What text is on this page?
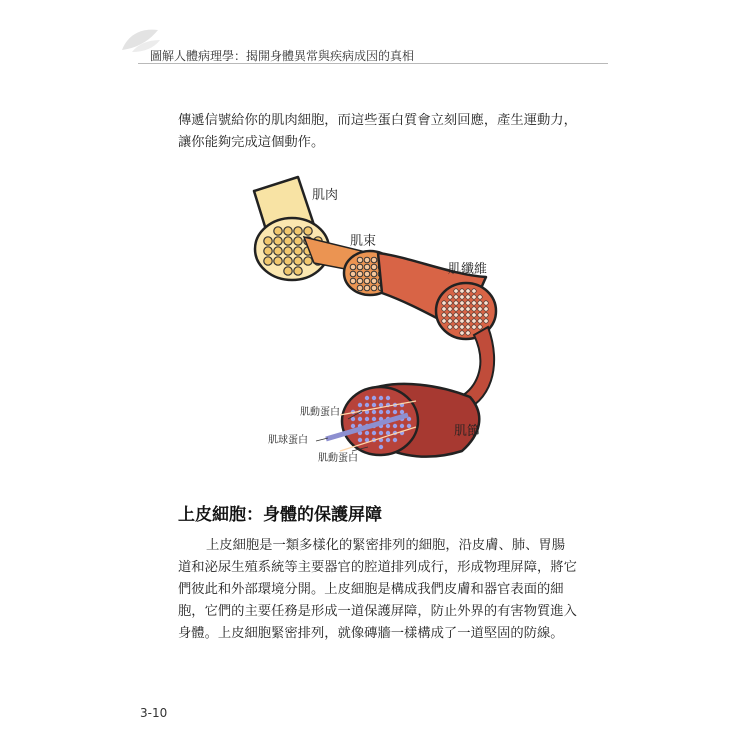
圖解人體病理學：揭開身體異常與疾病成因的真相

傳遞信號給你的肌肉細胞，而這些蛋白質會立刻回應，產生運動力，讓你能夠完成這個動作。

肌肉
肌束
肌纖維
肌節
肌動蛋白
肌球蛋白
肌動蛋白
上皮細胞：身體的保護屏障

上皮細胞是一類多樣化的緊密排列的細胞，沿皮膚、肺、胃腸道和泌尿生殖系統等主要器官的腔道排列成行，形成物理屏障，將它們彼此和外部環境分開。上皮細胞是構成我們皮膚和器官表面的細胞，它們的主要任務是形成一道保護屏障，防止外界的有害物質進入身體。上皮細胞緊密排列，就像磚牆一樣構成了一道堅固的防線。

3-10
